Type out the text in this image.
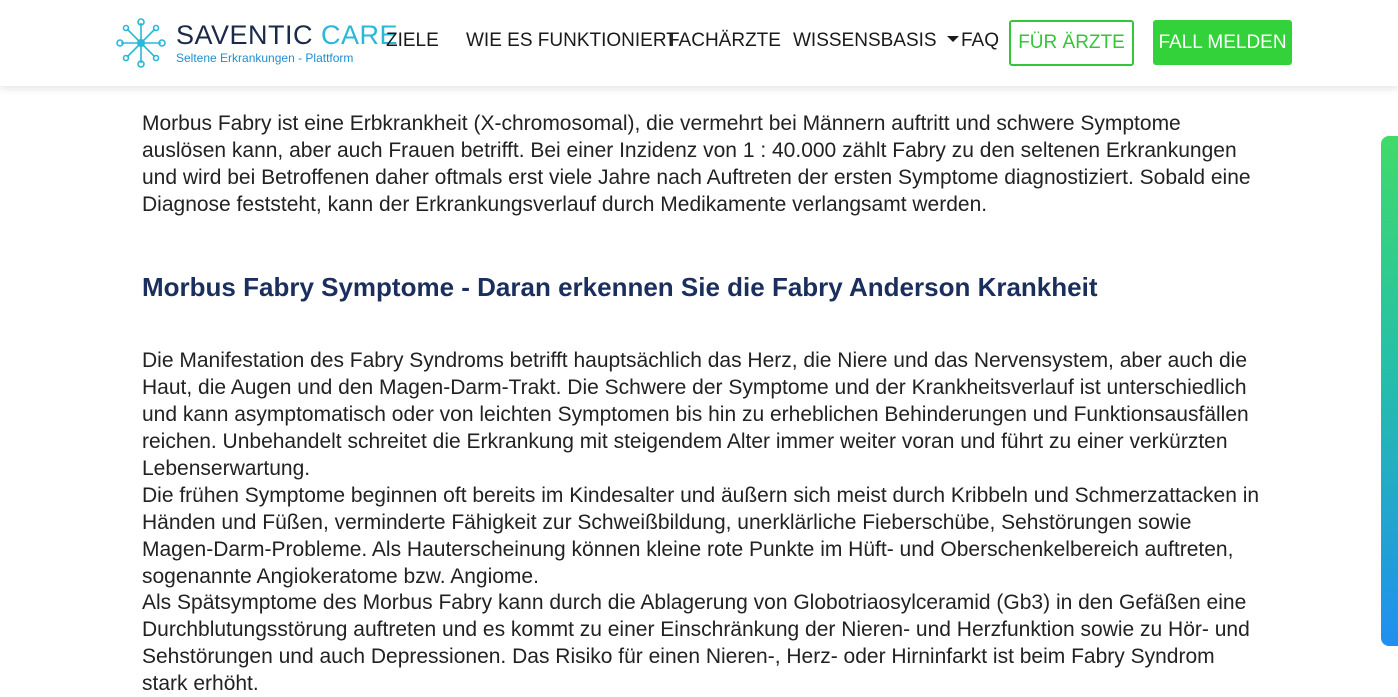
SAVENTIC CARE
Seltene Erkrankungen - Plattform
ZIELE WIE ES FUNKTIONIERT
FACHÄRZTE WISSENSBASIS	FAQ	FÜR ÄRZTE	FALL MELDEN

Morbus Fabry ist eine Erbkrankheit (X-chromosomal), die vermehrt bei Männern auftritt und schwere Symptome auslösen kann, aber auch Frauen betrifft. Bei einer Inzidenz von 1 : 40.000 zählt Fabry zu den seltenen Erkrankungen und wird bei Betroffenen daher oftmals erst viele Jahre nach Auftreten der ersten Symptome diagnostiziert. Sobald eine Diagnose feststeht, kann der Erkrankungsverlauf durch Medikamente verlangsamt werden.

Morbus Fabry Symptome - Daran erkennen Sie die Fabry Anderson Krankheit

Die Manifestation des Fabry Syndroms betrifft hauptsächlich das Herz, die Niere und das Nervensystem, aber auch die Haut, die Augen und den Magen-Darm-Trakt. Die Schwere der Symptome und der Krankheitsverlauf ist unterschiedlich und kann asymptomatisch oder von leichten Symptomen bis hin zu erheblichen Behinderungen und Funktionsausfällen reichen. Unbehandelt schreitet die Erkrankung mit steigendem Alter immer weiter voran und führt zu einer verkürzten Lebenserwartung.

Die frühen Symptome beginnen oft bereits im Kindesalter und äußern sich meist durch Kribbeln und Schmerzattacken in Händen und Füßen, verminderte Fähigkeit zur Schweißbildung, unerklärliche Fieberschübe, Sehstörungen sowie Magen-Darm-Probleme. Als Hauterscheinung können kleine rote Punkte im Hüft- und Oberschenkelbereich auftreten, sogenannte Angiokeratome bzw. Angiome.

Als Spätsymptome des Morbus Fabry kann durch die Ablagerung von Globotriaosylceramid (Gb3) in den Gefäßen eine Durchblutungsstörung auftreten und es kommt zu einer Einschränkung der Nieren- und Herzfunktion sowie zu Hör- und Sehstörungen und auch Depressionen. Das Risiko für einen Nieren-, Herz- oder Hirninfarkt ist beim Fabry Syndrom stark erhöht.
